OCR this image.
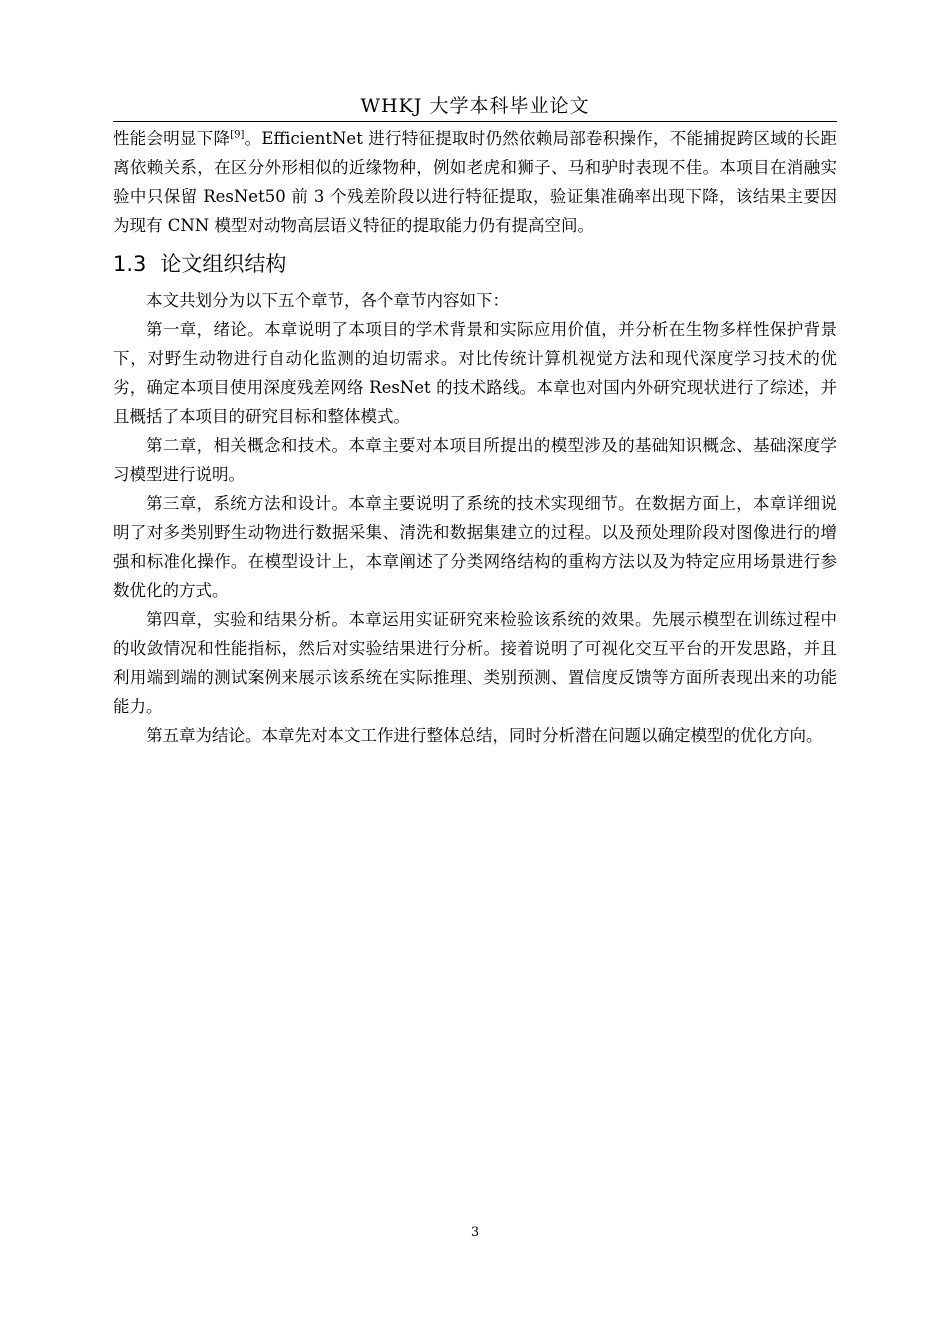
WHKJ 大学本科毕业论文

性能会明显下降[9]。EfficientNet 进行特征提取时仍然依赖局部卷积操作，不能捕捉跨区域的长距离依赖关系，在区分外形相似的近缘物种，例如老虎和狮子、马和驴时表现不佳。本项目在消融实验中只保留 ResNet50 前 3 个残差阶段以进行特征提取，验证集准确率出现下降，该结果主要因为现有 CNN 模型对动物高层语义特征的提取能力仍有提高空间。

1.3 论文组织结构

本文共划分为以下五个章节，各个章节内容如下：

第一章，绪论。本章说明了本项目的学术背景和实际应用价值，并分析在生物多样性保护背景下，对野生动物进行自动化监测的迫切需求。对比传统计算机视觉方法和现代深度学习技术的优劣，确定本项目使用深度残差网络 ResNet 的技术路线。本章也对国内外研究现状进行了综述，并且概括了本项目的研究目标和整体模式。

第二章，相关概念和技术。本章主要对本项目所提出的模型涉及的基础知识概念、基础深度学习模型进行说明。

第三章，系统方法和设计。本章主要说明了系统的技术实现细节。在数据方面上，本章详细说明了对多类别野生动物进行数据采集、清洗和数据集建立的过程。以及预处理阶段对图像进行的增强和标准化操作。在模型设计上，本章阐述了分类网络结构的重构方法以及为特定应用场景进行参数优化的方式。

第四章，实验和结果分析。本章运用实证研究来检验该系统的效果。先展示模型在训练过程中的收敛情况和性能指标，然后对实验结果进行分析。接着说明了可视化交互平台的开发思路，并且利用端到端的测试案例来展示该系统在实际推理、类别预测、置信度反馈等方面所表现出来的功能能力。

第五章为结论。本章先对本文工作进行整体总结，同时分析潜在问题以确定模型的优化方向。

3
